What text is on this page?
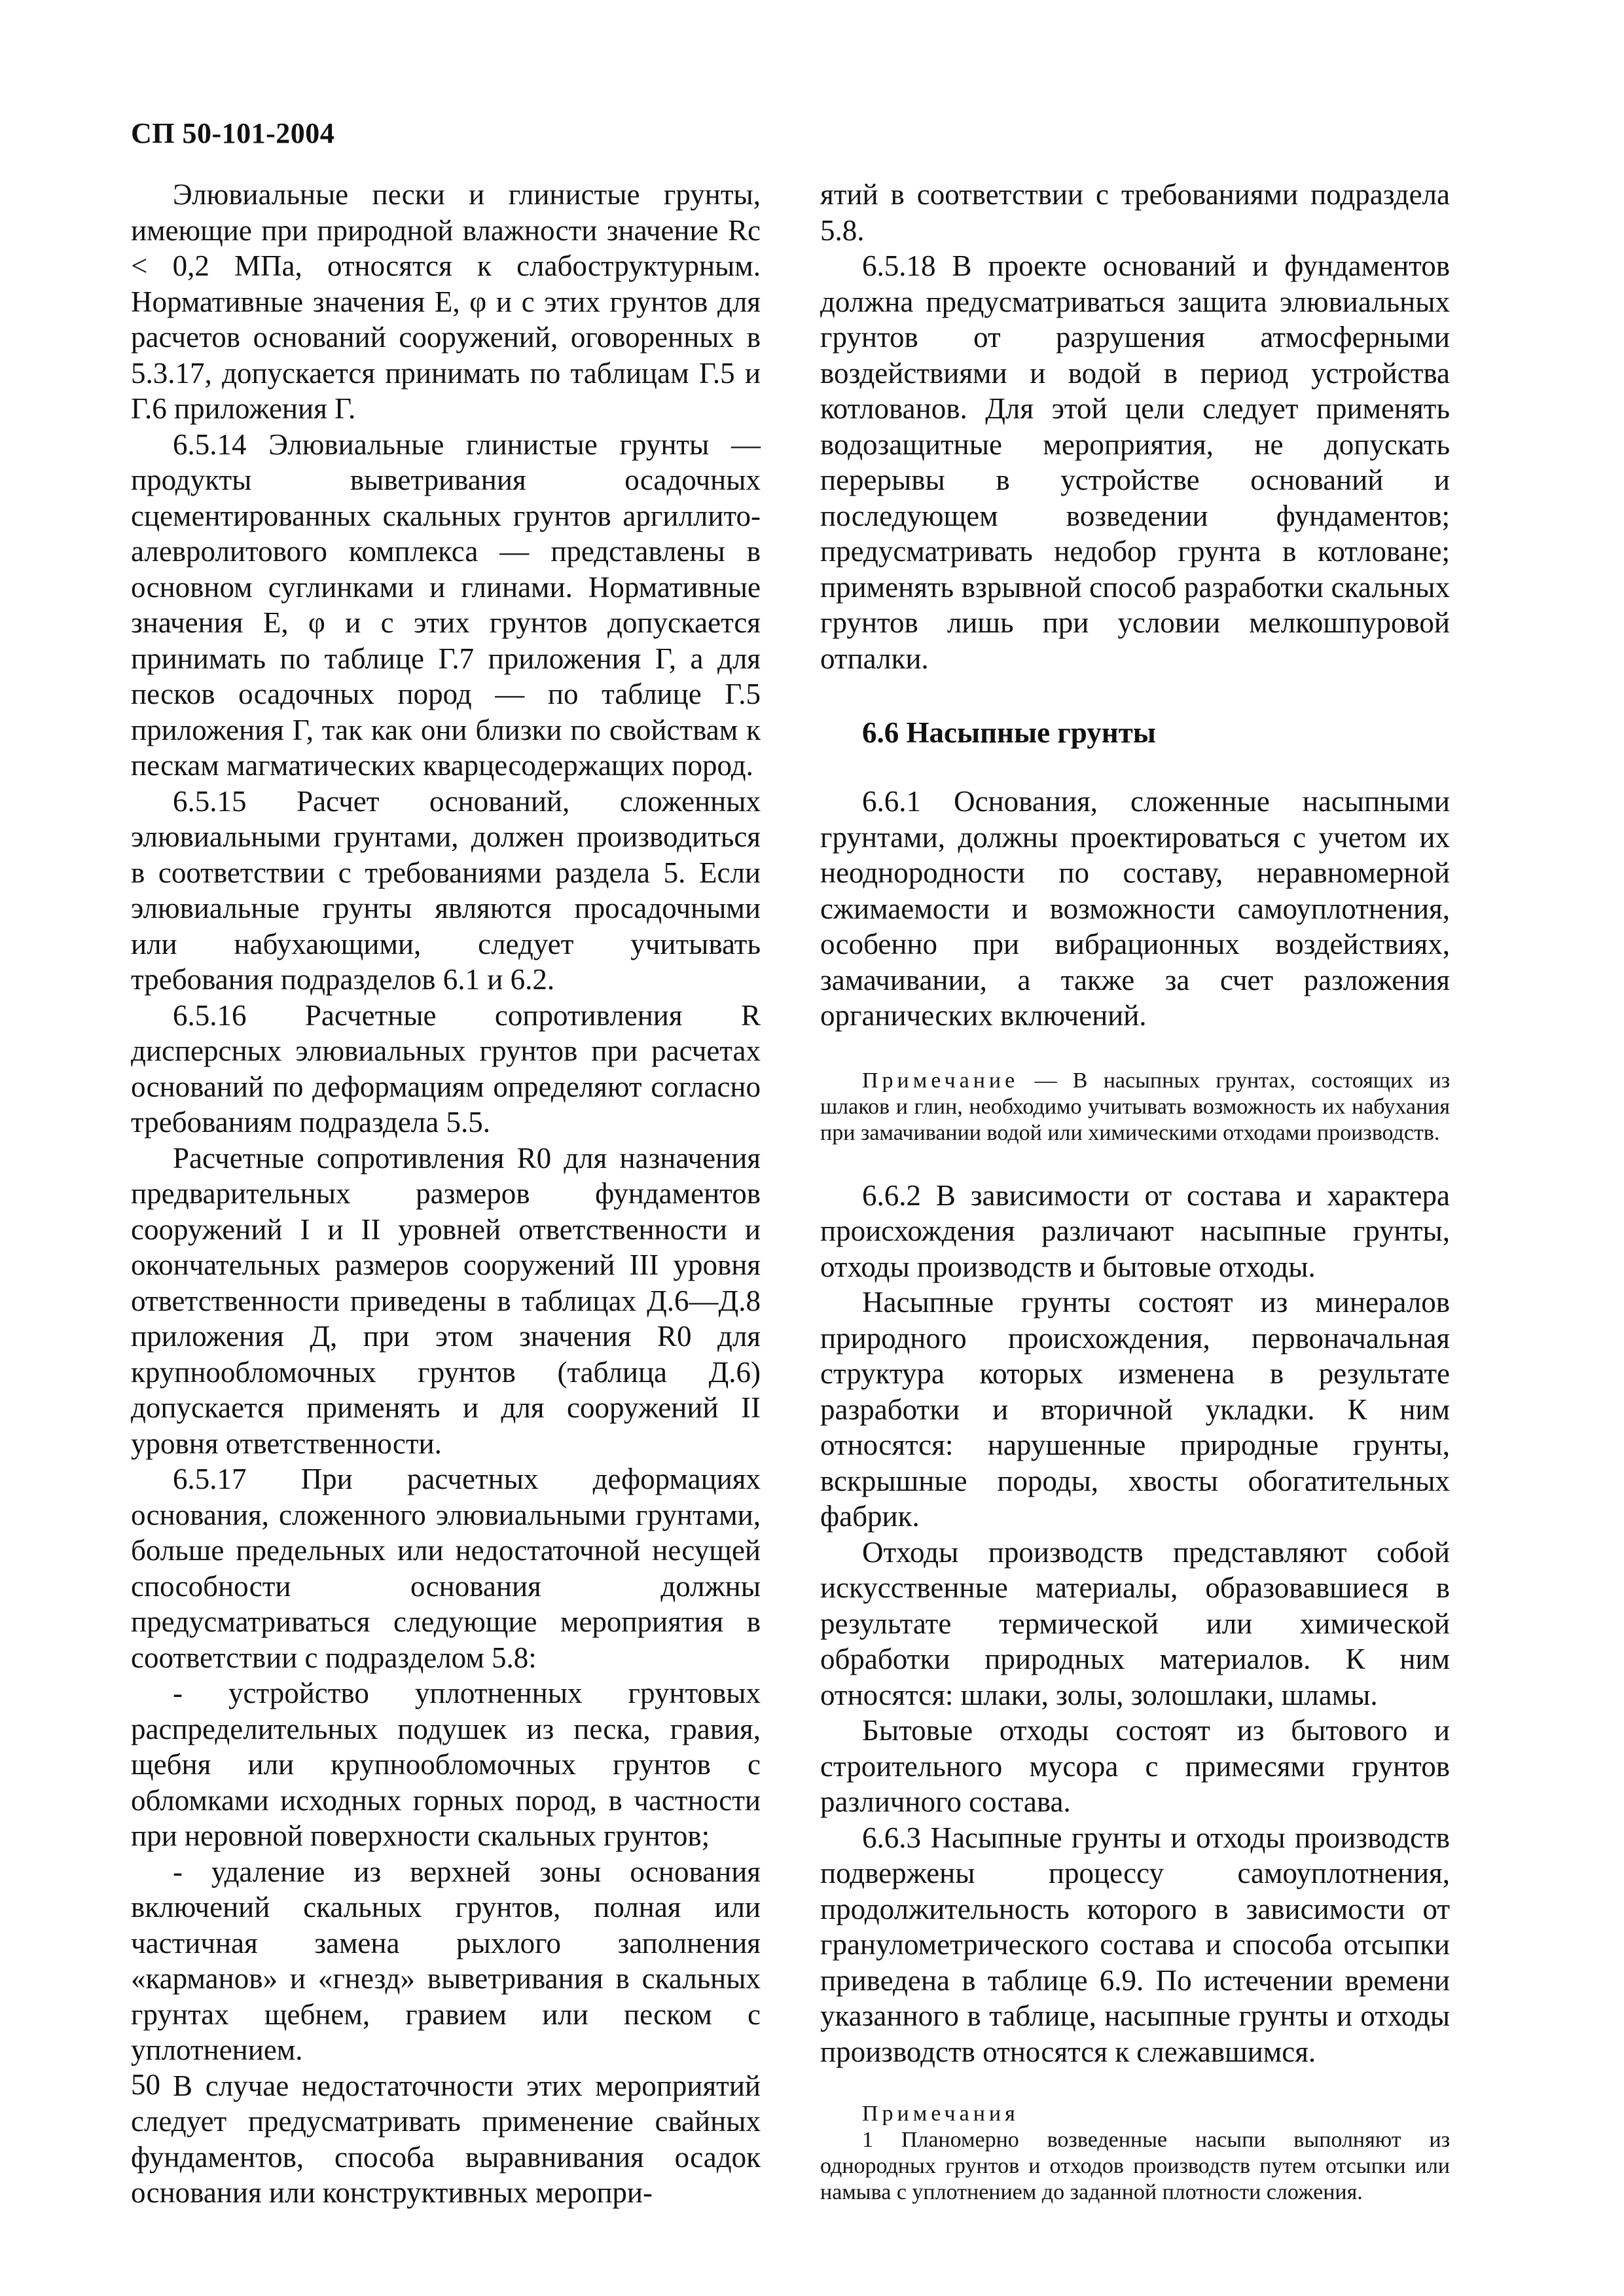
СП 50-101-2004

Элювиальные пески и глинистые грунты, имеющие при природной влажности значение Rc < 0,2 МПа, относятся к слабоструктурным. Нормативные значения E, φ и c этих грунтов для расчетов оснований сооружений, оговоренных в 5.3.17, допускается принимать по таблицам Г.5 и Г.6 приложения Г.

6.5.14 Элювиальные глинистые грунты — продукты выветривания осадочных сцементированных скальных грунтов аргиллито-алевролитового комплекса — представлены в основном суглинками и глинами. Нормативные значения E, φ и c этих грунтов допускается принимать по таблице Г.7 приложения Г, а для песков осадочных пород — по таблице Г.5 приложения Г, так как они близки по свойствам к пескам магматических кварцесодержащих пород.

6.5.15 Расчет оснований, сложенных элювиальными грунтами, должен производиться в соответствии с требованиями раздела 5. Если элювиальные грунты являются просадочными или набухающими, следует учитывать требования подразделов 6.1 и 6.2.

6.5.16 Расчетные сопротивления R дисперсных элювиальных грунтов при расчетах оснований по деформациям определяют согласно требованиям подраздела 5.5.

Расчетные сопротивления R0 для назначения предварительных размеров фундаментов сооружений I и II уровней ответственности и окончательных размеров сооружений III уровня ответственности приведены в таблицах Д.6—Д.8 приложения Д, при этом значения R0 для крупнообломочных грунтов (таблица Д.6) допускается применять и для сооружений II уровня ответственности.

6.5.17 При расчетных деформациях основания, сложенного элювиальными грунтами, больше предельных или недостаточной несущей способности основания должны предусматриваться следующие мероприятия в соответствии с подразделом 5.8:

- устройство уплотненных грунтовых распределительных подушек из песка, гравия, щебня или крупнообломочных грунтов с обломками исходных горных пород, в частности при неровной поверхности скальных грунтов;

- удаление из верхней зоны основания включений скальных грунтов, полная или частичная замена рыхлого заполнения «карманов» и «гнезд» выветривания в скальных грунтах щебнем, гравием или песком с уплотнением.

В случае недостаточности этих мероприятий следует предусматривать применение свайных фундаментов, способа выравнивания осадок основания или конструктивных меропри-

ятий в соответствии с требованиями подраздела 5.8.

6.5.18 В проекте оснований и фундаментов должна предусматриваться защита элювиальных грунтов от разрушения атмосферными воздействиями и водой в период устройства котлованов. Для этой цели следует применять водозащитные мероприятия, не допускать перерывы в устройстве оснований и последующем возведении фундаментов; предусматривать недобор грунта в котловане; применять взрывной способ разработки скальных грунтов лишь при условии мелкошпуровой отпалки.

6.6 Насыпные грунты

6.6.1 Основания, сложенные насыпными грунтами, должны проектироваться с учетом их неоднородности по составу, неравномерной сжимаемости и возможности самоуплотнения, особенно при вибрационных воздействиях, замачивании, а также за счет разложения органических включений.

Примечание — В насыпных грунтах, состоящих из шлаков и глин, необходимо учитывать возможность их набухания при замачивании водой или химическими отходами производств.

6.6.2 В зависимости от состава и характера происхождения различают насыпные грунты, отходы производств и бытовые отходы.

Насыпные грунты состоят из минералов природного происхождения, первоначальная структура которых изменена в результате разработки и вторичной укладки. К ним относятся: нарушенные природные грунты, вскрышные породы, хвосты обогатительных фабрик.

Отходы производств представляют собой искусственные материалы, образовавшиеся в результате термической или химической обработки природных материалов. К ним относятся: шлаки, золы, золошлаки, шламы.

Бытовые отходы состоят из бытового и строительного мусора с примесями грунтов различного состава.

6.6.3 Насыпные грунты и отходы производств подвержены процессу самоуплотнения, продолжительность которого в зависимости от гранулометрического состава и способа отсыпки приведена в таблице 6.9. По истечении времени указанного в таблице, насыпные грунты и отходы производств относятся к слежавшимся.

Примечания

1 Планомерно возведенные насыпи выполняют из однородных грунтов и отходов производств путем отсыпки или намыва с уплотнением до заданной плотности сложения.

50
